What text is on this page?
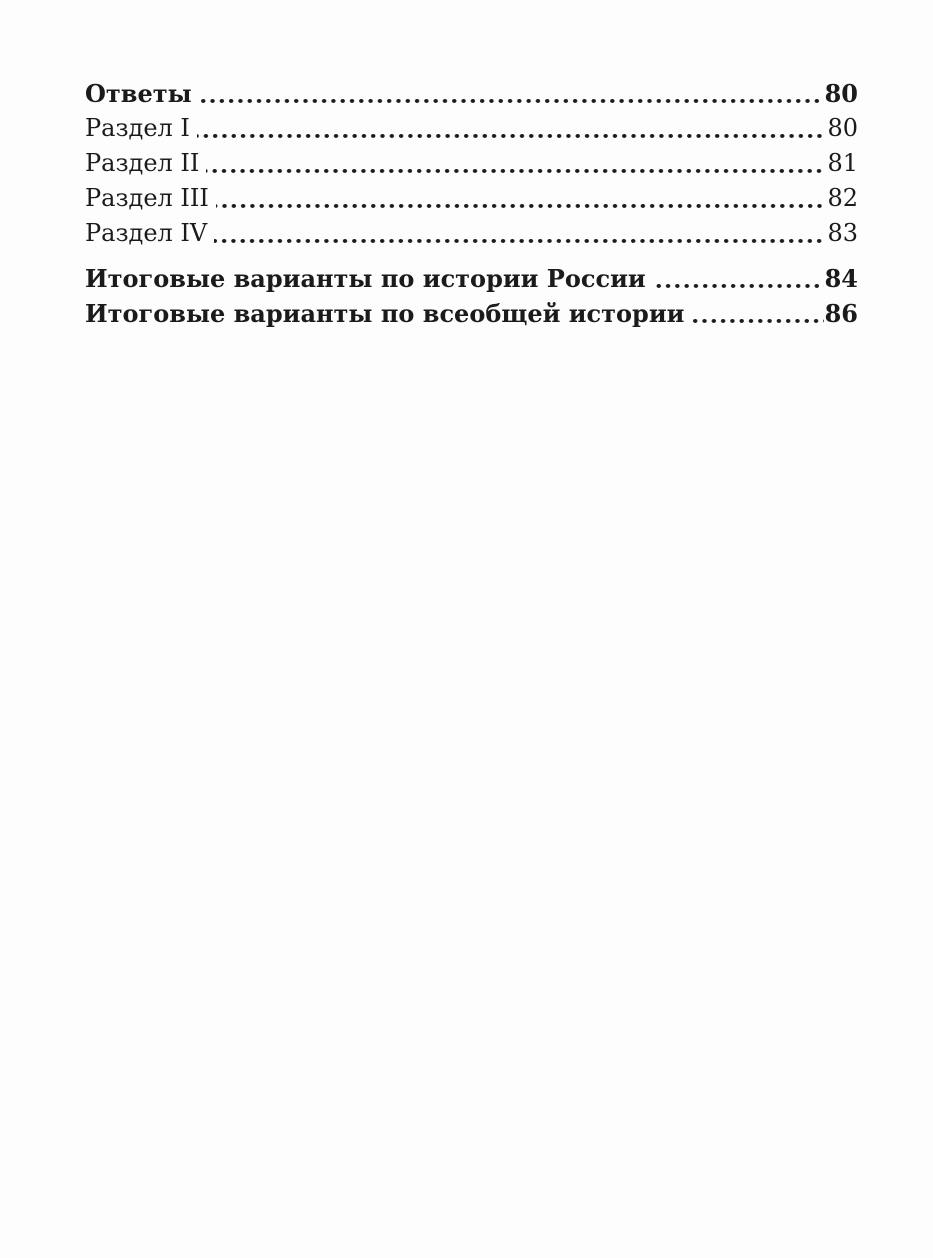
Ответы	80
Раздел I	80
Раздел II	81
Раздел III	82
Раздел IV	83
Итоговые варианты по истории России	84
Итоговые варианты по всеобщей истории	86
